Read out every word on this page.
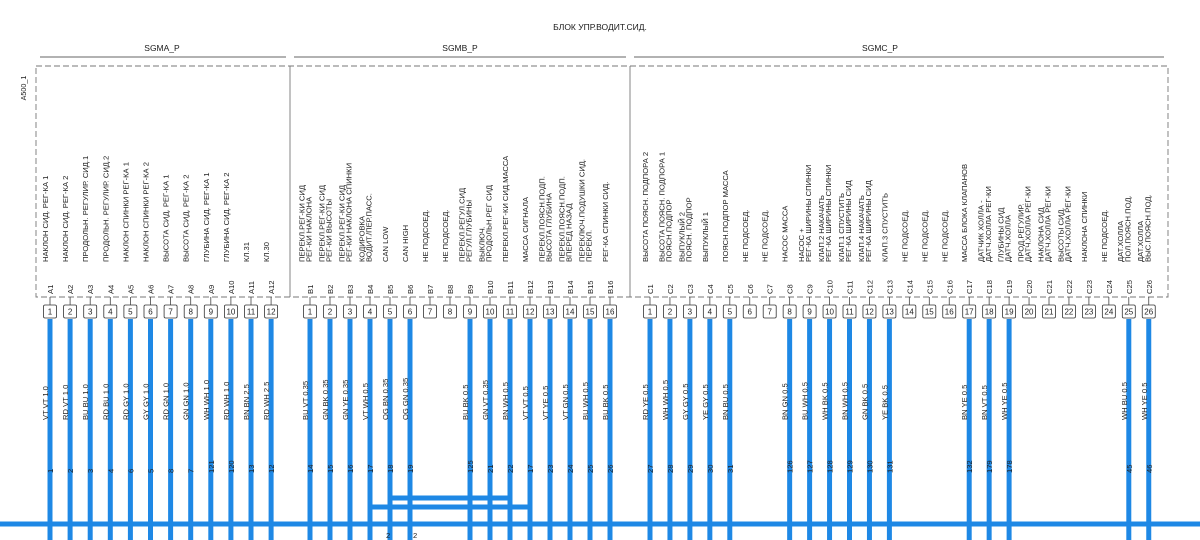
БЛОК УПР.ВОДИТ.СИД.
A500_1
SGMA_P
НАКЛОН СИД. РЕГ-КА 1
A1
1
VT VT 1.0
1
НАКЛОН СИД. РЕГ-КА 2
A2
2
RD VT 1.0
2
ПРОДОЛЬН. РЕГУЛИР. СИД.1
A3
3
BU BU 1.0
3
ПРОДОЛЬН. РЕГУЛИР. СИД.2
A4
4
RD BU 1.0
4
НАКЛОН СПИНКИ РЕГ-КА 1
A5
5
RD GY 1.0
6
НАКЛОН СПИНКИ РЕГ-КА 2
A6
6
GY GY 1.0
5
ВЫСОТА СИД. РЕГ-КА 1
A7
7
RD GN 1.0
8
ВЫСОТА СИД. РЕГ-КА 2
A8
8
GN GN 1.0
7
ГЛУБИНА СИД. РЕГ-КА 1
A9
9
WH WH 1.0
121
ГЛУБИНА СИД. РЕГ-КА 2
A10
10
RD WH 1.0
120
КЛ.31
A11
11
BN BN 2.5
13
КЛ.30
A12
12
RD WH 2.5
12
SGMB_P
ПЕРЕКЛ.РЕГ-КИ СИД
РЕГ-КИ НАКЛОНА
B1
1
BU VT 0.35
14
ПЕРЕКЛ.РЕГ-КИ СИД
РЕГ-КИ ВЫСОТЫ
B2
2
GN BK 0.35
15
ПЕРЕКЛ.РЕГ-КИ СИД
РЕГ-КИ НАКЛОНА СПИНКИ
B3
3
GN YE 0.35
16
КОДИРОВКА
ВОДИТ./ПЕР.ПАСС.
B4
4
VT WH 0.5
17
CAN LOW
B5
5
OG BN 0.35
18
CAN HIGH
B6
6
OG GN 0.35
19
НЕ ПОДСОЕД.
B7
7
НЕ ПОДСОЕД.
B8
8
ПЕРЕКЛ.РЕГУЛ.СИД
РЕГУЛ.ГЛУБИНЫ
B9
9
BU BK 0.5
125
ВЫКЛЮЧ.
ПРОДОЛЬН.РЕГ СИД
B10
10
GN VT 0.35
21
ПЕРЕКЛ.РЕГ-КИ СИД.МАССА
B11
11
BN WH 0.5
22
МАССА СИГНАЛА
B12
12
VT VT 0.5
17
ПЕРЕКЛ.ПОЯСН.ПОДП.
ВЫСОТА ГЛУБИНА
B13
13
VT YE 0.5
23
ПЕРЕКЛ.ПОЯСН.ПОДП.
ВПЕРЕД НАЗАД
B14
14
VT GN 0.5
24
ПЕРЕКЛЮЧ.ПОДУШКИ СИД.
ПЕРЕКЛ.
B15
15
BU WH 0.5
25
РЕГ-КА СПИНКИ СИД.
B16
16
BU BK 0.5
26
SGMC_P
ВЫСОТА ПОЯСН. ПОДПОРА 2
C1
1
RD YE 0.5
27
ВЫСОТА ПОЯСН. ПОДПОРА 1
ПОЯСН.ПОДПОР
C2
2
WH WH 0.5
28
ВЫПУКЛЫЙ 2
ПОЯСН. ПОДПОР
C3
3
GY GY 0.5
29
ВЫПУКЛЫЙ 1
C4
4
YE GY 0.5
30
ПОЯСН.ПОДПОР МАССА
C5
5
BN BU 0.5
31
НЕ ПОДСОЕД.
C6
6
НЕ ПОДСОЕД.
C7
7
НАСОС МАССА
C8
8
BN GN 0.5
126
НАСОС +
РЕГ-КА ШИРИНЫ СПИНКИ
C9
9
BU WH 0.5
127
КЛАП.2 НАКАЧАТЬ
РЕГ-КА ШИРИНЫ СПИНКИ
C10
10
WH BK 0.5
128
КЛАП.1 СПУСТИТЬ
РЕГ-КА ШИРИНЫ СИД
C11
11
BN WH 0.5
129
КЛАП.4 НАКАЧАТЬ
РЕГ-КА ШИРИНЫ СИД
C12
12
GN BK 0.5
130
КЛАП.3 СПУСТИТЬ
C13
13
YE BK 0.5
131
НЕ ПОДСОЕД.
C14
14
НЕ ПОДСОЕД.
C15
15
НЕ ПОДСОЕД.
C16
16
МАССА БЛОКА КЛАПАНОВ
C17
17
BN YE 0.5
132
ДАТЧИК ХОЛЛА -
ДАТЧ.ХОЛЛА РЕГ-КИ
C18
18
BN VT 0.5
179
ГЛУБИНЫ СИД
ДАТЧ.ХОЛЛА
C19
19
WH YE 0.5
178
ПРОД.РЕГУЛИР.
ДАТЧ.ХОЛЛА РЕГ-КИ
C20
20
НАКЛОНА СИД
ДАТЧ.ХОЛЛА РЕГ-КИ
C21
21
ВЫСОТЫ СИД.
ДАТЧ.ХОЛЛА РЕГ-КИ
C22
22
НАКЛОНА СПИНКИ
C23
23
НЕ ПОДСОЕД.
C24
24
ДАТ.ХОЛЛА
ПОЛ.ПОЯСН.ПОД.
C25
25
WH BU 0.5
45
ДАТ.ХОЛЛА
ВЫС.ПОЯСН.ПОД.
C26
26
WH YE 0.5
46
2	2
